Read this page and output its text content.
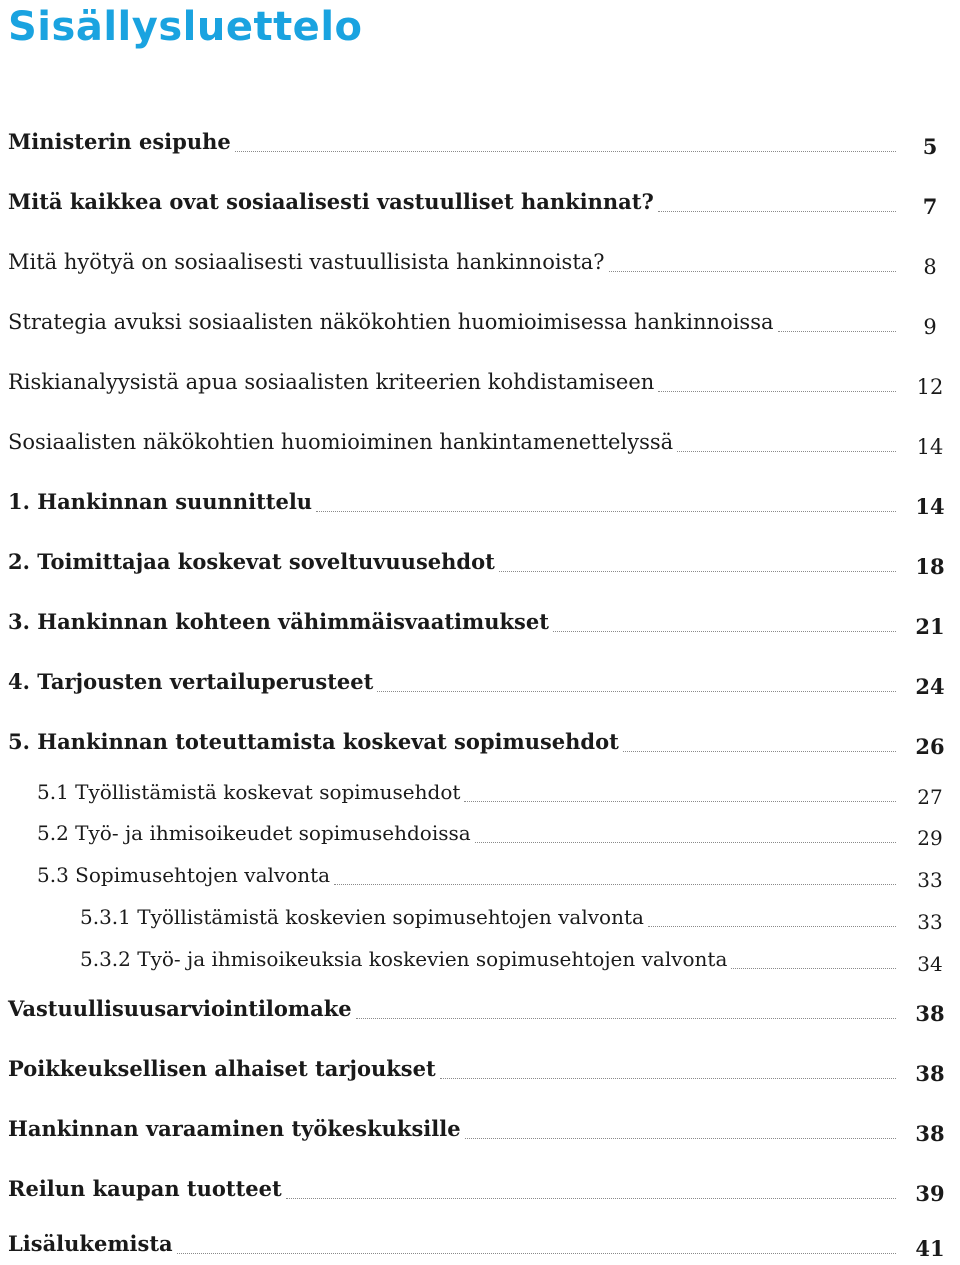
Sisällysluettelo
Ministerin esipuhe	5
Mitä kaikkea ovat sosiaalisesti vastuulliset hankinnat?	7
Mitä hyötyä on sosiaalisesti vastuullisista hankinnoista?	8
Strategia avuksi sosiaalisten näkökohtien huomioimisessa hankinnoissa	9
Riskianalyysistä apua sosiaalisten kriteerien kohdistamiseen	12
Sosiaalisten näkökohtien huomioiminen hankintamenettelyssä	14
1. Hankinnan suunnittelu	14
2. Toimittajaa koskevat soveltuvuusehdot	18
3. Hankinnan kohteen vähimmäisvaatimukset	21
4. Tarjousten vertailuperusteet	24
5. Hankinnan toteuttamista koskevat sopimusehdot	26
5.1 Työllistämistä koskevat sopimusehdot	27
5.2 Työ- ja ihmisoikeudet sopimusehdoissa	29
5.3 Sopimusehtojen valvonta	33
5.3.1 Työllistämistä koskevien sopimusehtojen valvonta	33
5.3.2 Työ- ja ihmisoikeuksia koskevien sopimusehtojen valvonta	34
Vastuullisuusarviointilomake	38
Poikkeuksellisen alhaiset tarjoukset	38
Hankinnan varaaminen työkeskuksille	38
Reilun kaupan tuotteet	39
Lisälukemista	41
